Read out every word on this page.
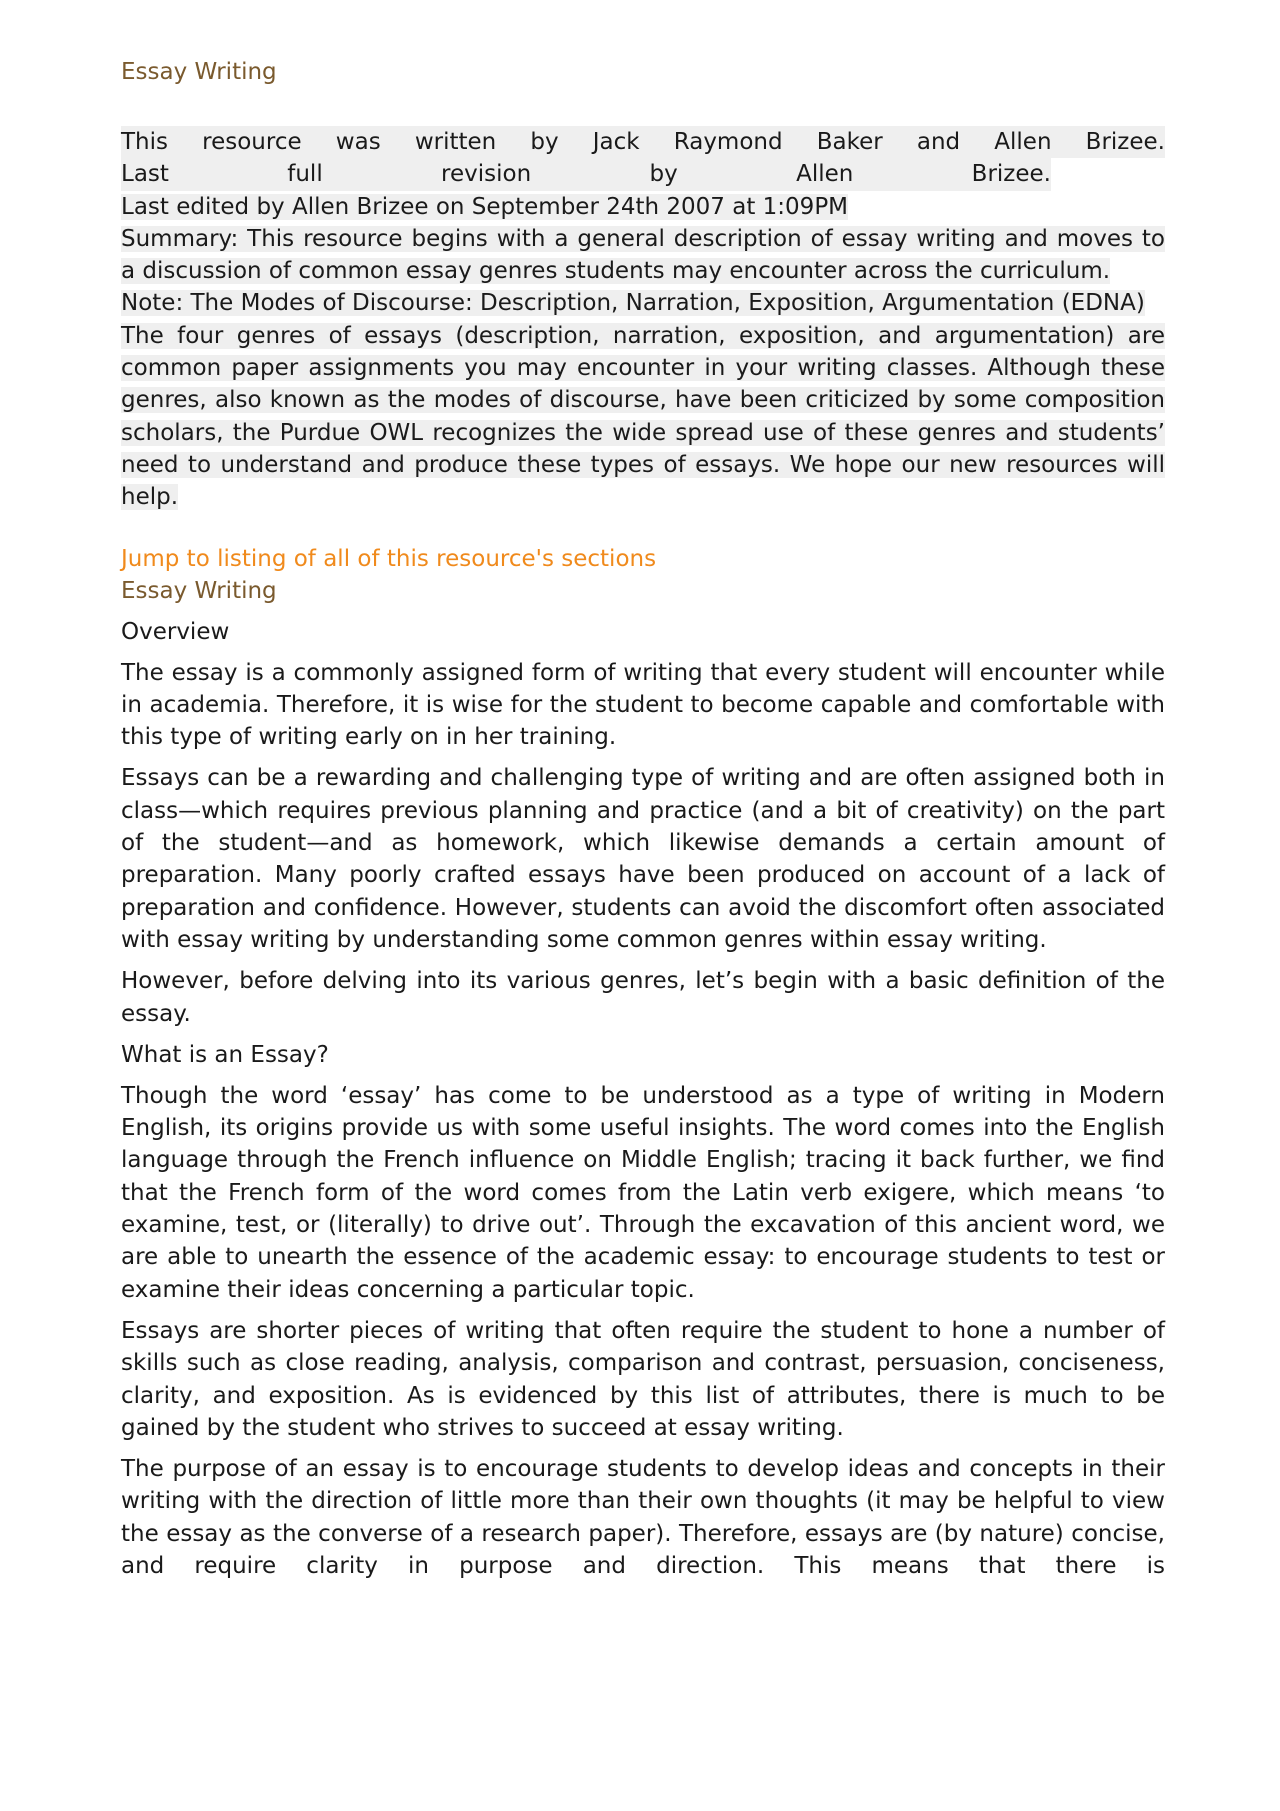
Essay Writing
This resource was written by Jack Raymond Baker and Allen Brizee.
Last full revision by Allen Brizee.
Last edited by Allen Brizee on September 24th 2007 at 1:09PM
Summary: This resource begins with a general description of essay writing and moves to a discussion of common essay genres students may encounter across the curriculum.
Note: The Modes of Discourse: Description, Narration, Exposition, Argumentation (EDNA)
The four genres of essays (description, narration, exposition, and argumentation) are common paper assignments you may encounter in your writing classes. Although these genres, also known as the modes of discourse, have been criticized by some composition scholars, the Purdue OWL recognizes the wide spread use of these genres and students’ need to understand and produce these types of essays. We hope our new resources will help.
Jump to listing of all of this resource's sections
Essay Writing
Overview

The essay is a commonly assigned form of writing that every student will encounter while in academia. Therefore, it is wise for the student to become capable and comfortable with this type of writing early on in her training.

Essays can be a rewarding and challenging type of writing and are often assigned both in class—which requires previous planning and practice (and a bit of creativity) on the part of the student—and as homework, which likewise demands a certain amount of preparation. Many poorly crafted essays have been produced on account of a lack of preparation and confidence. However, students can avoid the discomfort often associated with essay writing by understanding some common genres within essay writing.

However, before delving into its various genres, let’s begin with a basic definition of the essay.

What is an Essay?

Though the word ‘essay’ has come to be understood as a type of writing in Modern English, its origins provide us with some useful insights. The word comes into the English language through the French influence on Middle English; tracing it back further, we find that the French form of the word comes from the Latin verb exigere, which means ‘to examine, test, or (literally) to drive out’. Through the excavation of this ancient word, we are able to unearth the essence of the academic essay: to encourage students to test or examine their ideas concerning a particular topic.

Essays are shorter pieces of writing that often require the student to hone a number of skills such as close reading, analysis, comparison and contrast, persuasion, conciseness, clarity, and exposition. As is evidenced by this list of attributes, there is much to be gained by the student who strives to succeed at essay writing.

The purpose of an essay is to encourage students to develop ideas and concepts in their writing with the direction of little more than their own thoughts (it may be helpful to view the essay as the converse of a research paper). Therefore, essays are (by nature) concise, and require clarity in purpose and direction. This means that there is
